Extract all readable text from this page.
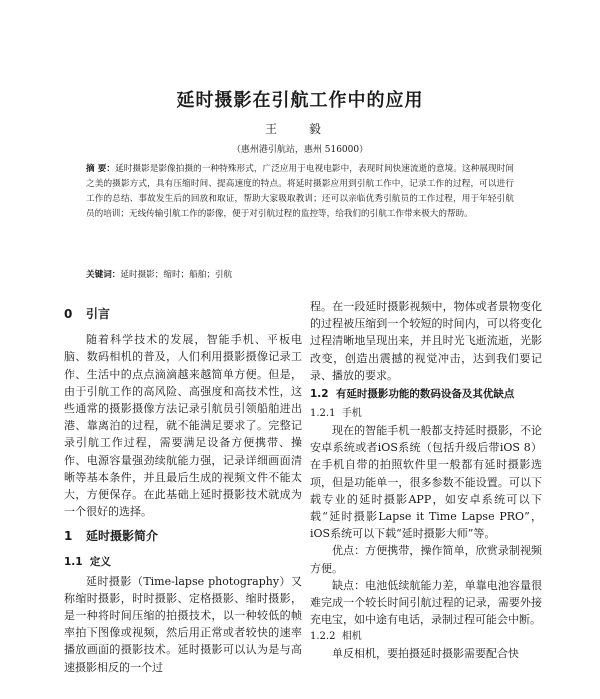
延时摄影在引航工作中的应用
王 毅
（惠州港引航站，惠州 516000）
摘 要：延时摄影是影像拍摄的一种特殊形式，广泛应用于电视电影中，表现时间快速流逝的意境。这种展现时间之美的摄影方式，具有压缩时间、提高速度的特点。将延时摄影应用到引航工作中，记录工作的过程，可以进行工作的总结、事故发生后的回放和取证，帮助大家吸取教训；还可以亲临优秀引航员的工作过程，用于年轻引航员的培训；无线传输引航工作的影像，便于对引航过程的监控等，给我们的引航工作带来极大的帮助。
关键词：延时摄影；缩时；船舶；引航
0 引言

随着科学技术的发展，智能手机、平板电脑、数码相机的普及，人们利用摄影摄像记录工作、生活中的点点滴滴越来越简单方便。但是，由于引航工作的高风险、高强度和高技术性，这些通常的摄影摄像方法记录引航员引领船舶进出港、靠离泊的过程，就不能满足要求了。完整记录引航工作过程，需要满足设备方便携带、操作、电源容量强劲续航能力强，记录详细画面清晰等基本条件，并且最后生成的视频文件不能太大，方便保存。在此基础上延时摄影技术就成为一个很好的选择。

1 延时摄影简介
1.1 定义

延时摄影（Time-lapse photography）又称缩时摄影，时时摄影、定格摄影、缩时摄影，是一种将时间压缩的拍摄技术，以一种较低的帧率拍下图像或视频，然后用正常或者较快的速率播放画面的摄影技术。延时摄影可以认为是与高速摄影相反的一个过

程。在一段延时摄影视频中，物体或者景物变化的过程被压缩到一个较短的时间内，可以将变化过程清晰地呈现出来，并且时光飞逝流逝，光影改变，创造出震撼的视觉冲击，达到我们要记录、播放的要求。

1.2 有延时摄影功能的数码设备及其优缺点
1.2.1 手机

现在的智能手机一般都支持延时摄影，不论安卓系统或者iOS系统（包括升级后带iOS 8）在手机自带的拍照软件里一般都有延时摄影选项，但是功能单一，很多参数不能设置。可以下载专业的延时摄影APP，如安卓系统可以下载“延时摄影Lapse it Time Lapse PRO”，iOS系统可以下载“延时摄影大师”等。

优点：方便携带，操作简单，欣赏录制视频方便。

缺点：电池低续航能力差，单靠电池容量很难完成一个较长时间引航过程的记录，需要外接充电宝，如中途有电话，录制过程可能会中断。

1.2.2 相机

单反相机，要拍摄延时摄影需要配合快
